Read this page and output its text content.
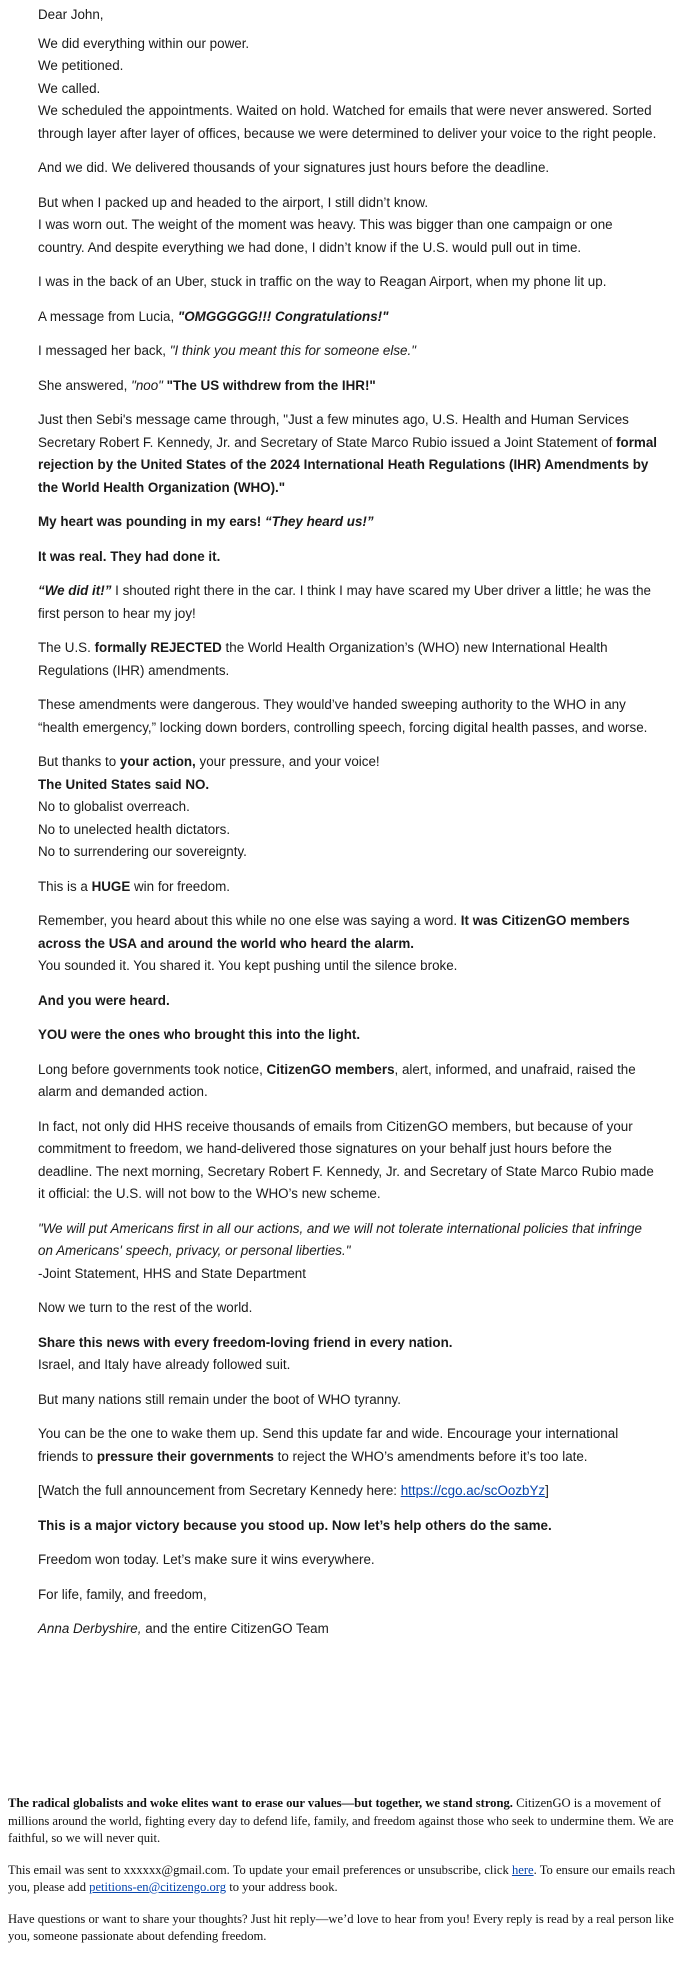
Dear John,

We did everything within our power.
We petitioned.
We called.
We scheduled the appointments. Waited on hold. Watched for emails that were never answered. Sorted through layer after layer of offices, because we were determined to deliver your voice to the right people.

And we did. We delivered thousands of your signatures just hours before the deadline.

But when I packed up and headed to the airport, I still didn’t know.
I was worn out. The weight of the moment was heavy. This was bigger than one campaign or one country. And despite everything we had done, I didn’t know if the U.S. would pull out in time.

I was in the back of an Uber, stuck in traffic on the way to Reagan Airport, when my phone lit up.

A message from Lucia, "OMGGGGG!!! Congratulations!"

I messaged her back, "I think you meant this for someone else."

She answered, "noo" "The US withdrew from the IHR!"

Just then Sebi's message came through, "Just a few minutes ago, U.S. Health and Human Services Secretary Robert F. Kennedy, Jr. and Secretary of State Marco Rubio issued a Joint Statement of formal rejection by the United States of the 2024 International Heath Regulations (IHR) Amendments by the World Health Organization (WHO)."

My heart was pounding in my ears! “They heard us!”

It was real. They had done it.

“We did it!” I shouted right there in the car. I think I may have scared my Uber driver a little; he was the first person to hear my joy!

The U.S. formally REJECTED the World Health Organization’s (WHO) new International Health Regulations (IHR) amendments.

These amendments were dangerous. They would’ve handed sweeping authority to the WHO in any “health emergency,” locking down borders, controlling speech, forcing digital health passes, and worse.

But thanks to your action, your pressure, and your voice!
The United States said NO.
No to globalist overreach.
No to unelected health dictators.
No to surrendering our sovereignty.

This is a HUGE win for freedom.

Remember, you heard about this while no one else was saying a word. It was CitizenGO members across the USA and around the world who heard the alarm.
You sounded it. You shared it. You kept pushing until the silence broke.

And you were heard.

YOU were the ones who brought this into the light.

Long before governments took notice, CitizenGO members, alert, informed, and unafraid, raised the alarm and demanded action.

In fact, not only did HHS receive thousands of emails from CitizenGO members, but because of your commitment to freedom, we hand-delivered those signatures on your behalf just hours before the deadline. The next morning, Secretary Robert F. Kennedy, Jr. and Secretary of State Marco Rubio made it official: the U.S. will not bow to the WHO’s new scheme.

"We will put Americans first in all our actions, and we will not tolerate international policies that infringe on Americans' speech, privacy, or personal liberties."
-Joint Statement, HHS and State Department

Now we turn to the rest of the world.

Share this news with every freedom-loving friend in every nation.
Israel, and Italy have already followed suit.

But many nations still remain under the boot of WHO tyranny.

You can be the one to wake them up. Send this update far and wide. Encourage your international friends to pressure their governments to reject the WHO’s amendments before it’s too late.

[Watch the full announcement from Secretary Kennedy here: https://cgo.ac/scOozbYz]

This is a major victory because you stood up. Now let’s help others do the same.

Freedom won today. Let’s make sure it wins everywhere.

For life, family, and freedom,

Anna Derbyshire, and the entire CitizenGO Team

The radical globalists and woke elites want to erase our values—but together, we stand strong. CitizenGO is a movement of millions around the world, fighting every day to defend life, family, and freedom against those who seek to undermine them. We are faithful, so we will never quit.

This email was sent to xxxxxx@gmail.com. To update your email preferences or unsubscribe, click here. To ensure our emails reach you, please add petitions-en@citizengo.org to your address book.

Have questions or want to share your thoughts? Just hit reply—we’d love to hear from you! Every reply is read by a real person like you, someone passionate about defending freedom.
